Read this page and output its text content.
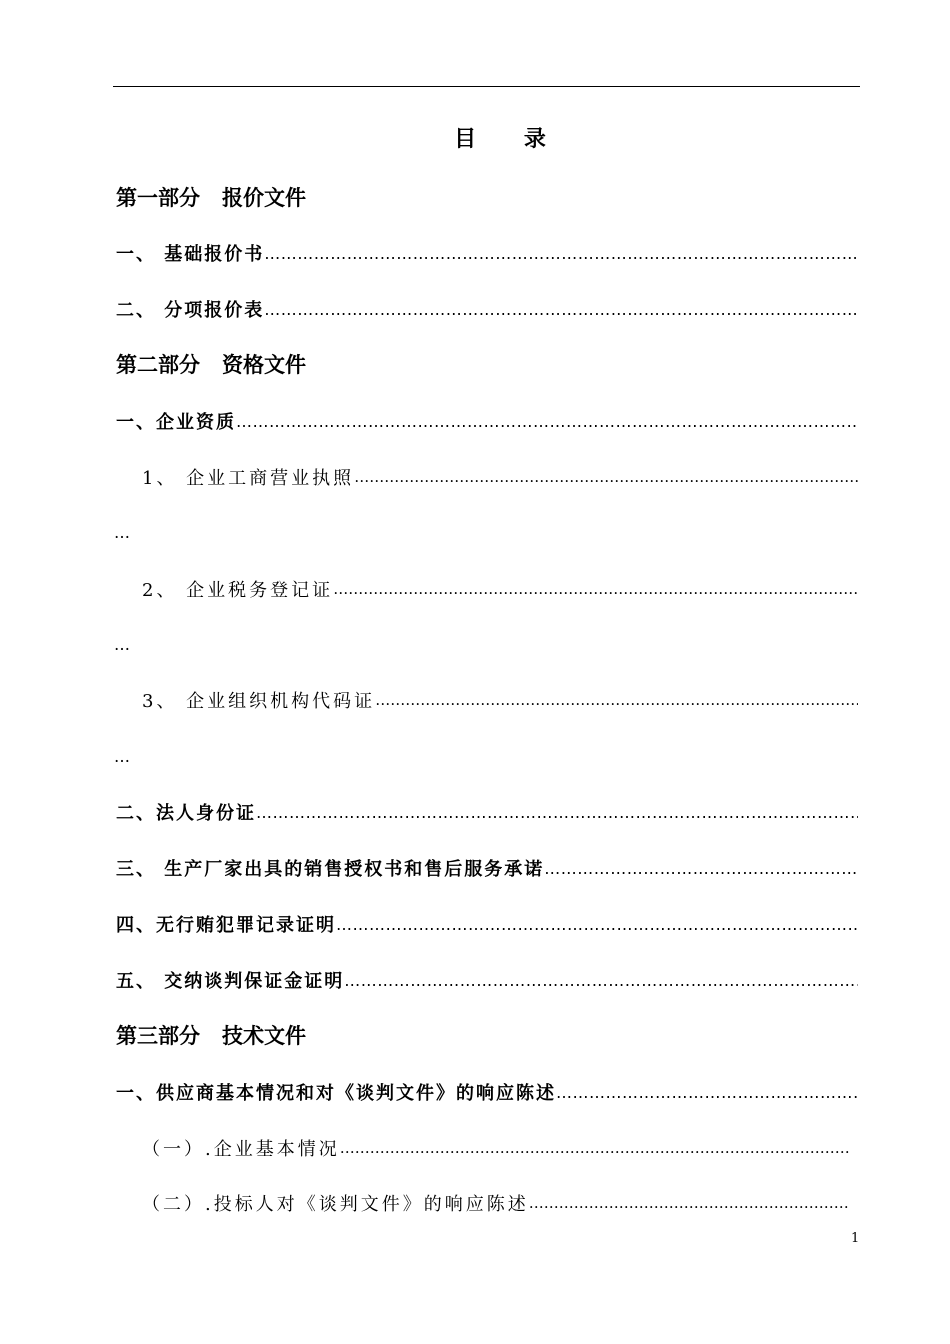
目 录
第一部分 报价文件
一、 基础报价书
…………………………………………………………………………………………………………………………………………………………………………………………
二、 分项报价表
…………………………………………………………………………………………………………………………………………………………………………………………
第二部分 资格文件
一、企业资质
…………………………………………………………………………………………………………………………………………………………………………………………
1、 企业工商营业执照
…………………………………………………………………………………………………………………………………………………………………………………………
…
2、 企业税务登记证
…………………………………………………………………………………………………………………………………………………………………………………………
…
3、 企业组织机构代码证
…………………………………………………………………………………………………………………………………………………………………………………………
…
二、法人身份证
…………………………………………………………………………………………………………………………………………………………………………………………
三、 生产厂家出具的销售授权书和售后服务承诺
…………………………………………………………………………………………………………………………………………………………………………………………
四、无行贿犯罪记录证明
…………………………………………………………………………………………………………………………………………………………………………………………
五、 交纳谈判保证金证明
…………………………………………………………………………………………………………………………………………………………………………………………
第三部分 技术文件
一、供应商基本情况和对《谈判文件》的响应陈述
…………………………………………………………………………………………………………………………………………………………………………………………
（一）.企业基本情况
…………………………………………………………………………………………………………………………………………………………………………………………
（二）.投标人对《谈判文件》的响应陈述
…………………………………………………………………………………………………………………………………………………………………………………………
1
